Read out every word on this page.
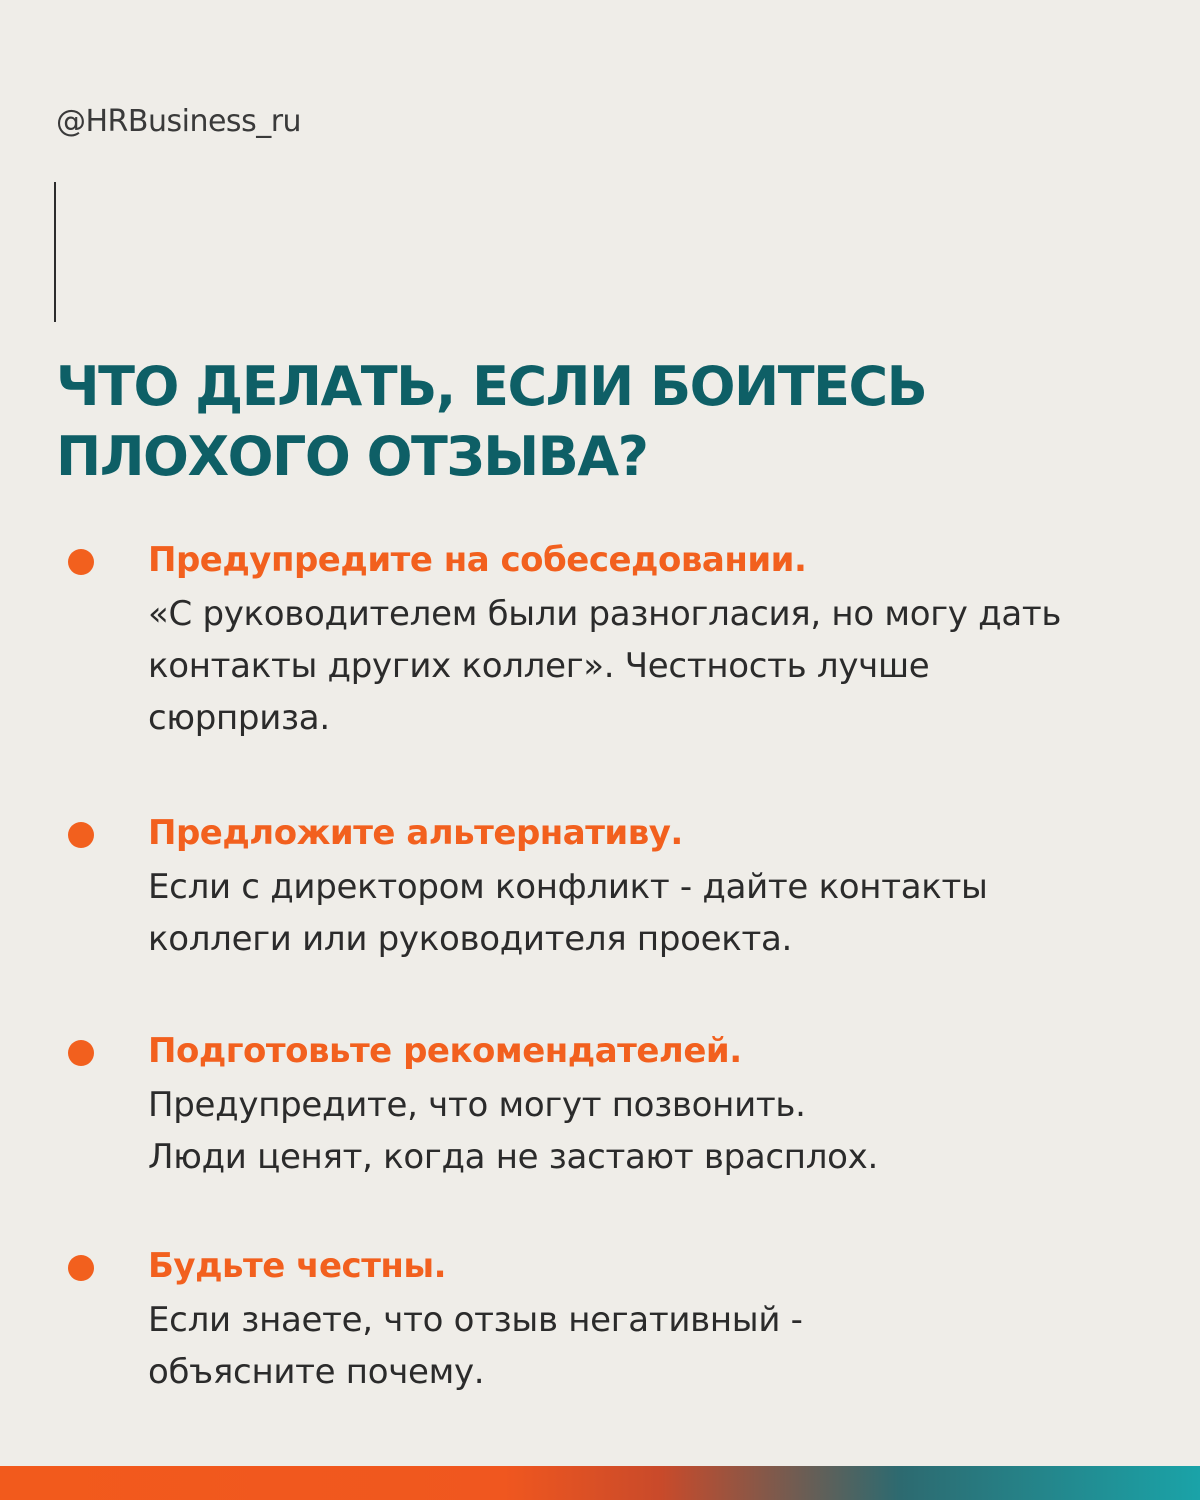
@HRBusiness_ru
ЧТО ДЕЛАТЬ, ЕСЛИ БОИТЕСЬ
ПЛОХОГО ОТЗЫВА?
Предупредите на собеседовании.
«С руководителем были разногласия, но могу дать
контакты других коллег». Честность лучше
сюрприза.
Предложите альтернативу.
Если с директором конфликт - дайте контакты
коллеги или руководителя проекта.
Подготовьте рекомендателей.
Предупредите, что могут позвонить.
Люди ценят, когда не застают врасплох.
Будьте честны.
Если знаете, что отзыв негативный -
объясните почему.
